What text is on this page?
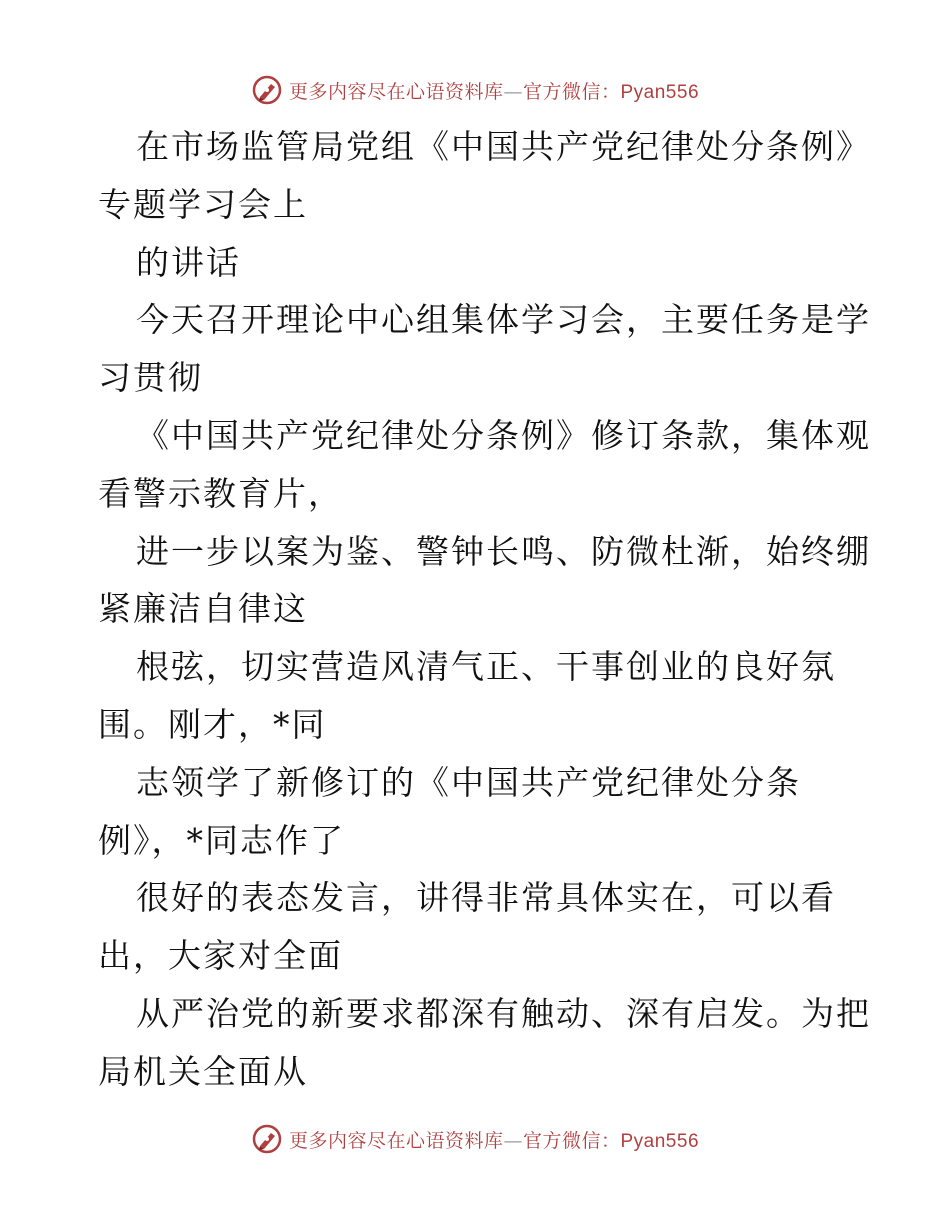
更多内容尽在心语资料库—官方微信：Pyan556
在市场监管局党组《中国共产党纪律处分条例》
专题学习会上
的讲话
今天召开理论中心组集体学习会，主要任务是学
习贯彻
《中国共产党纪律处分条例》修订条款，集体观
看警示教育片，
进一步以案为鉴、警钟长鸣、防微杜渐，始终绷
紧廉洁自律这
根弦，切实营造风清气正、干事创业的良好氛
围。刚才，*同
志领学了新修订的《中国共产党纪律处分条
例》，*同志作了
很好的表态发言，讲得非常具体实在，可以看
出，大家对全面
从严治党的新要求都深有触动、深有启发。为把
局机关全面从
更多内容尽在心语资料库—官方微信：Pyan556
